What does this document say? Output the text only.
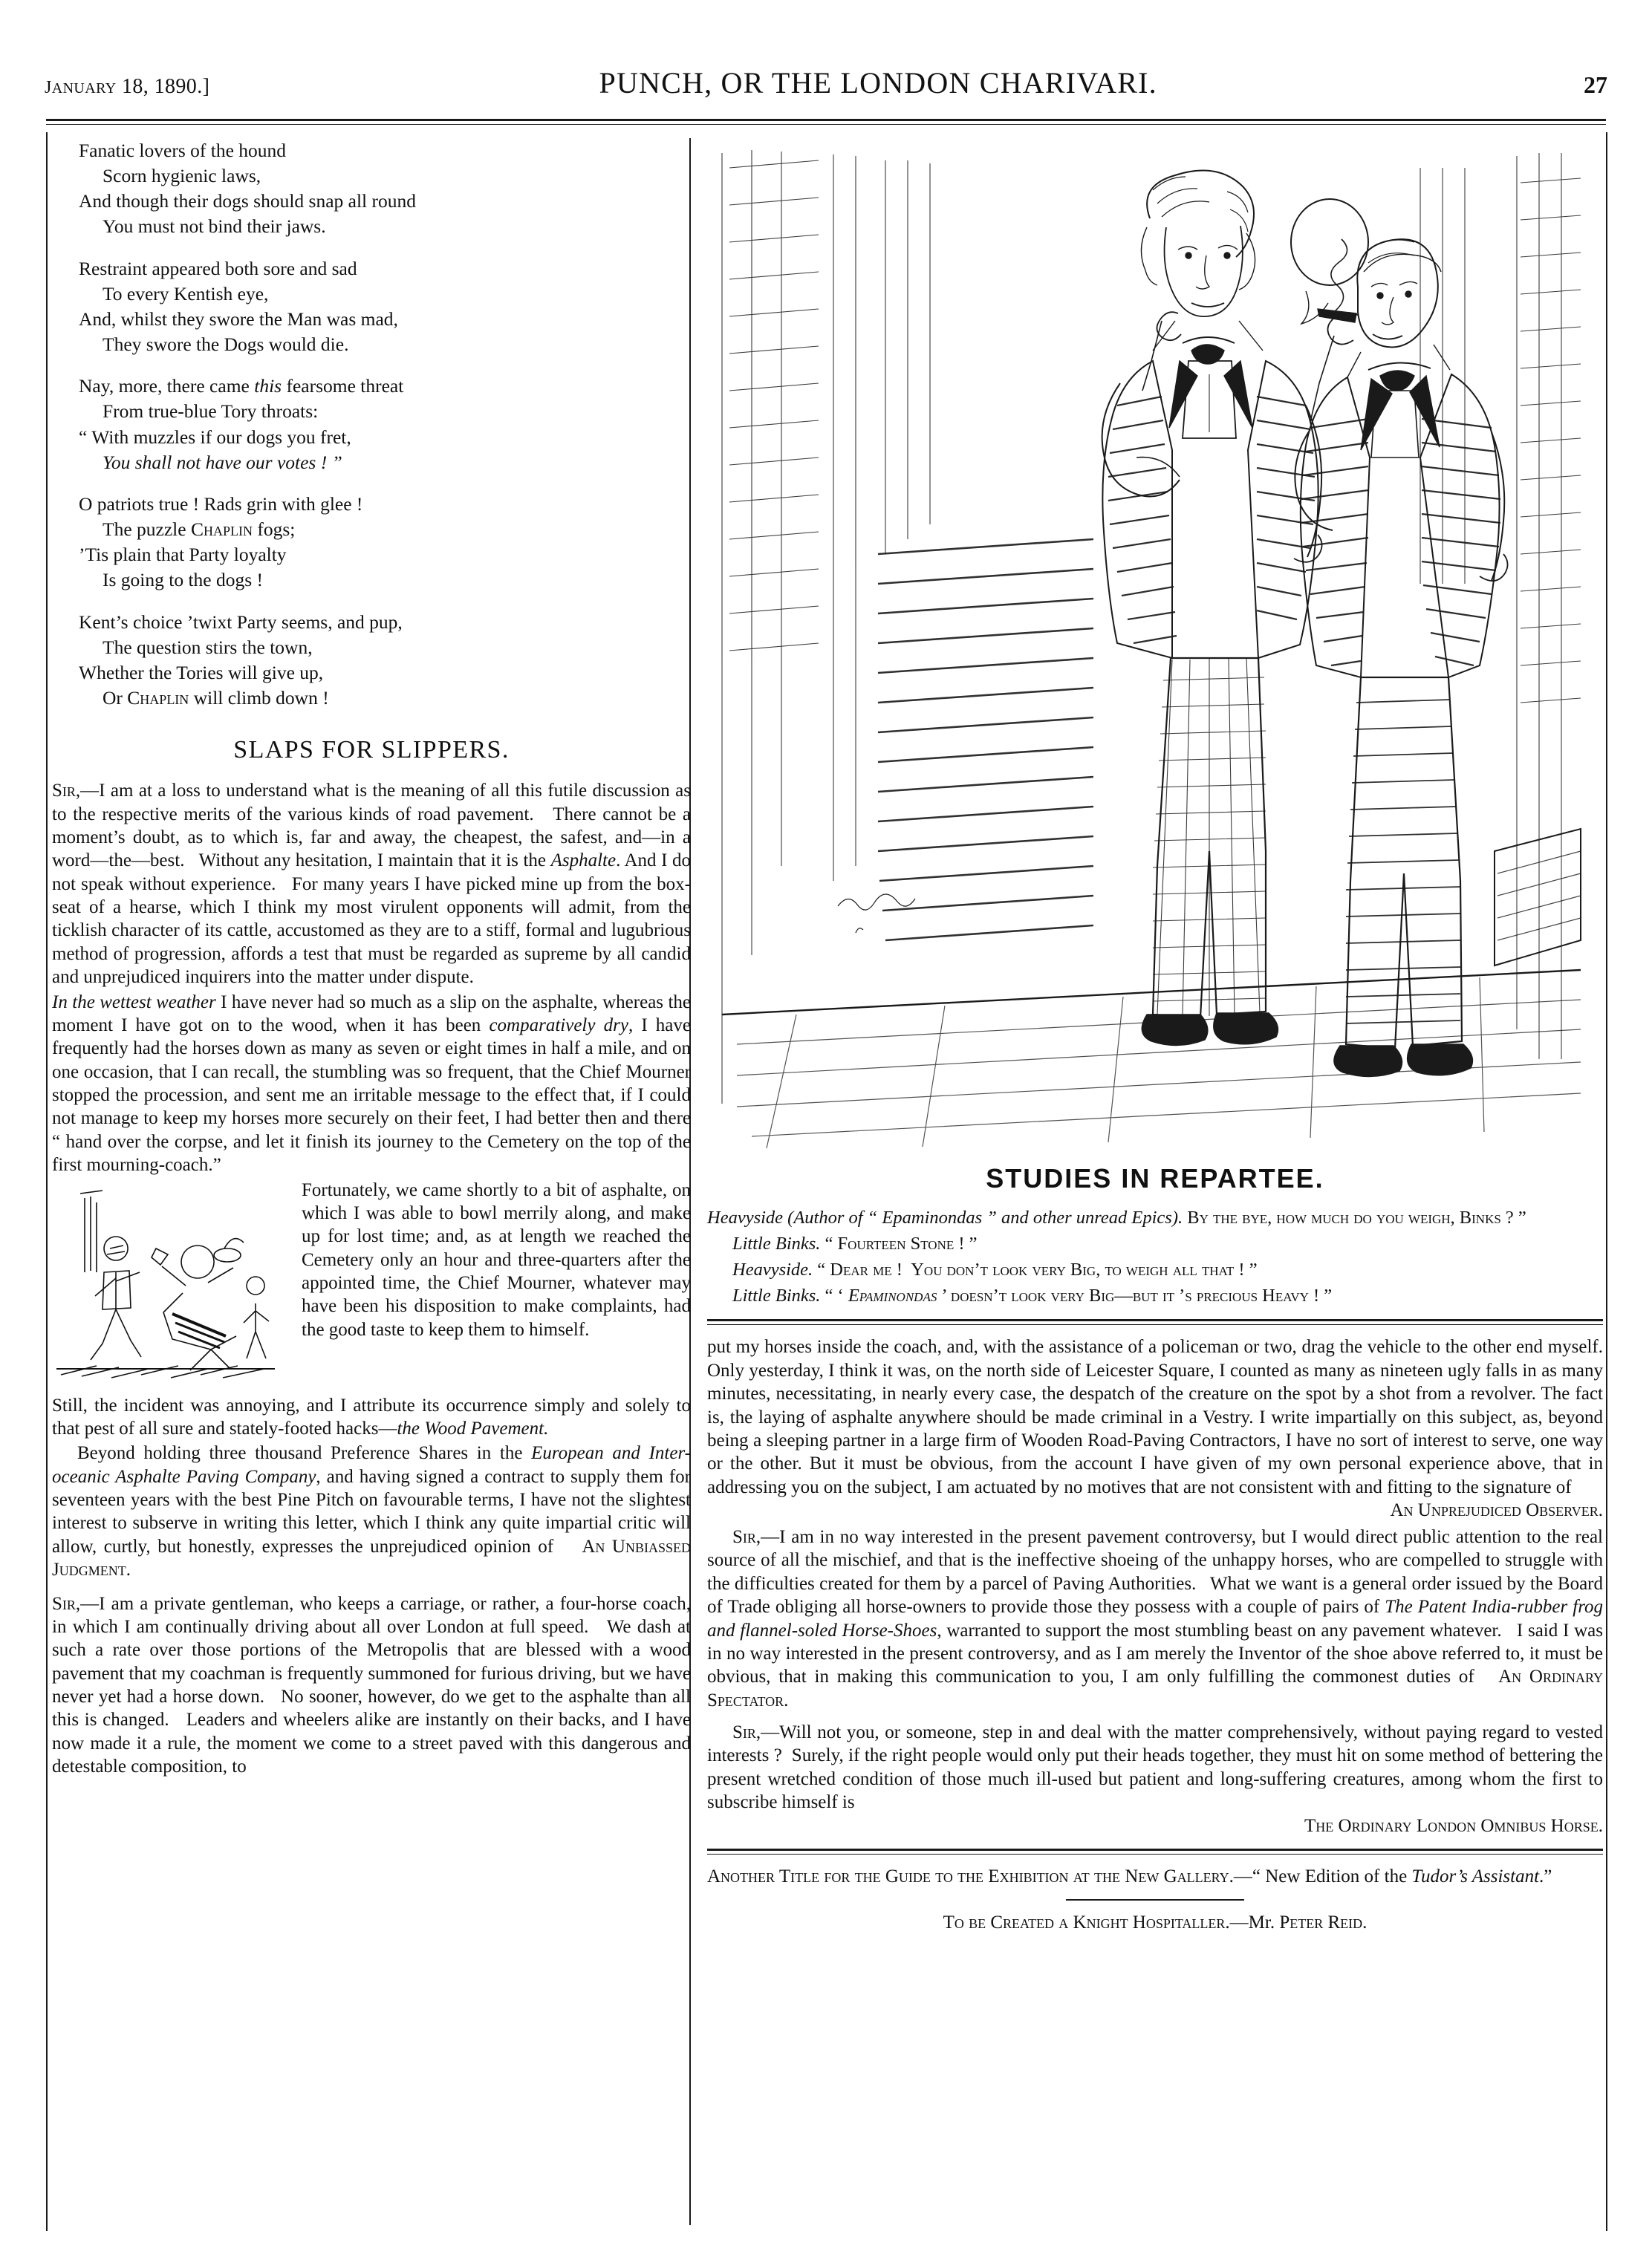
january 18, 1890.]	PUNCH, OR THE LONDON CHARIVARI.	27
Fanatic lovers of the hound
Scorn hygienic laws,
And though their dogs should snap all round
You must not bind their jaws.
Restraint appeared both sore and sad
To every Kentish eye,
And, whilst they swore the Man was mad,
They swore the Dogs would die.
Nay, more, there came this fearsome threat
From true-blue Tory throats:
“ With muzzles if our dogs you fret,
You shall not have our votes ! ”
O patriots true ! Rads grin with glee !
The puzzle Chaplin fogs;
’Tis plain that Party loyalty
Is going to the dogs !
Kent’s choice ’twixt Party seems, and pup,
The question stirs the town,
Whether the Tories will give up,
Or Chaplin will climb down !
SLAPS FOR SLIPPERS.

Sir,—I am at a loss to understand what is the meaning of all this futile discussion as to the respective merits of the various kinds of road pavement.   There cannot be a moment’s doubt, as to which is, far and away, the cheapest, the safest, and—in a word—the—best.   Without any hesitation, I maintain that it is the Asphalte. And I do not speak without experience.   For many years I have picked mine up from the box-seat of a hearse, which I think my most virulent opponents will admit, from the ticklish character of its cattle, accustomed as they are to a stiff, formal and lugubrious method of progression, affords a test that must be regarded as supreme by all candid and unprejudiced inquirers into the matter under dispute.

In the wettest weather I have never had so much as a slip on the asphalte, whereas the moment I have got on to the wood, when it has been comparatively dry, I have frequently had the horses down as many as seven or eight times in half a mile, and on one occasion, that I can recall, the stumbling was so frequent, that the Chief Mourner stopped the procession, and sent me an irritable message to the effect that, if I could not manage to keep my horses more securely on their feet, I had better then and there “ hand over the corpse, and let it finish its journey to the Cemetery on the top of the first mourning-coach.”

Fortunately, we came shortly to a bit of asphalte, on which I was able to bowl merrily along, and make up for lost time; and, as at length we reached the Cemetery only an hour and three-quarters after the appointed time, the Chief Mourner, whatever may have been his disposition to make complaints, had the good taste to keep them to himself.

Still, the incident was annoying, and I attribute its occurrence simply and solely to that pest of all sure and stately-footed hacks—the Wood Pavement.

Beyond holding three thousand Preference Shares in the European and Inter-oceanic Asphalte Paving Company, and having signed a contract to supply them for seventeen years with the best Pine Pitch on favourable terms, I have not the slightest interest to subserve in writing this letter, which I think any quite impartial critic will allow, curtly, but honestly, expresses the unprejudiced opinion of    An Unbiassed Judgment.

Sir,—I am a private gentleman, who keeps a carriage, or rather, a four-horse coach, in which I am continually driving about all over London at full speed.   We dash at such a rate over those portions of the Metropolis that are blessed with a wood pavement that my coachman is frequently summoned for furious driving, but we have never yet had a horse down.   No sooner, however, do we get to the asphalte than all this is changed.   Leaders and wheelers alike are instantly on their backs, and I have now made it a rule, the moment we come to a street paved with this dangerous and detestable composition, to

STUDIES IN REPARTEE.

Heavyside (Author of “ Epaminondas ” and other unread Epics). By the bye, how much do you weigh, Binks ? ”

Little Binks. “ Fourteen Stone ! ”

Heavyside. “ Dear me !  You don’t look very Big, to weigh all that ! ”

Little Binks. “ ‘ Epaminondas ’ doesn’t look very Big—but it ’s precious Heavy ! ”

put my horses inside the coach, and, with the assistance of a policeman or two, drag the vehicle to the other end myself. Only yesterday, I think it was, on the north side of Leicester Square, I counted as many as nineteen ugly falls in as many minutes, necessitating, in nearly every case, the despatch of the creature on the spot by a shot from a revolver. The fact is, the laying of asphalte anywhere should be made criminal in a Vestry. I write impartially on this subject, as, beyond being a sleeping partner in a large firm of Wooden Road-Paving Contractors, I have no sort of interest to serve, one way or the other. But it must be obvious, from the account I have given of my own personal experience above, that in addressing you on the subject, I am actuated by no motives that are not consistent with and fitting to the signature of

An Unprejudiced Observer.

Sir,—I am in no way interested in the present pavement controversy, but I would direct public attention to the real source of all the mischief, and that is the ineffective shoeing of the unhappy horses, who are compelled to struggle with the difficulties created for them by a parcel of Paving Authorities.   What we want is a general order issued by the Board of Trade obliging all horse-owners to provide those they possess with a couple of pairs of The Patent India-rubber frog and flannel-soled Horse-Shoes, warranted to support the most stumbling beast on any pavement whatever.   I said I was in no way interested in the present controversy, and as I am merely the Inventor of the shoe above referred to, it must be obvious, that in making this communication to you, I am only fulfilling the commonest duties of   An Ordinary Spectator.

Sir,—Will not you, or someone, step in and deal with the matter comprehensively, without paying regard to vested interests ?  Surely, if the right people would only put their heads together, they must hit on some method of bettering the present wretched condition of those much ill-used but patient and long-suffering creatures, among whom the first to subscribe himself is

The Ordinary London Omnibus Horse.

Another Title for the Guide to the Exhibition at the New Gallery.—“ New Edition of the Tudor’s Assistant.”

To be Created a Knight Hospitaller.—Mr. Peter Reid.
